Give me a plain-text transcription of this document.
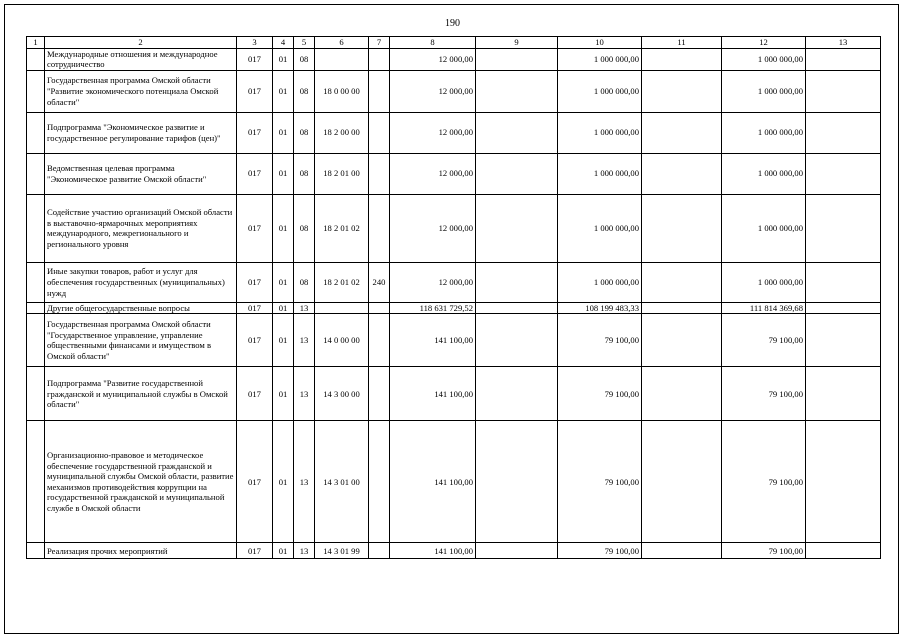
190
1	2	3	4	5	6	7	8	9	10	11	12	13
	Международные отношения и международное сотрудничество	017	01	08			12 000,00		1 000 000,00		1 000 000,00	
	Государственная программа Омской области "Развитие экономического потенциала Омской области"	017	01	08	18 0 00 00		12 000,00		1 000 000,00		1 000 000,00	
	Подпрограмма "Экономическое развитие и государственное регулирование тарифов (цен)"	017	01	08	18 2 00 00		12 000,00		1 000 000,00		1 000 000,00	
	Ведомственная целевая программа "Экономическое развитие Омской области"	017	01	08	18 2 01 00		12 000,00		1 000 000,00		1 000 000,00	
	Содействие участию организаций Омской области в выставочно-ярмарочных мероприятиях международного, межрегионального и регионального уровня	017	01	08	18 2 01 02		12 000,00		1 000 000,00		1 000 000,00	
	Иные закупки товаров, работ и услуг для обеспечения государственных (муниципальных) нужд	017	01	08	18 2 01 02	240	12 000,00		1 000 000,00		1 000 000,00	
	Другие общегосударственные вопросы	017	01	13			118 631 729,52		108 199 483,33		111 814 369,68	
	Государственная программа Омской области "Государственное управление, управление общественными финансами и имуществом в Омской области"	017	01	13	14 0 00 00		141 100,00		79 100,00		79 100,00	
	Подпрограмма "Развитие государственной гражданской и муниципальной службы в Омской области"	017	01	13	14 3 00 00		141 100,00		79 100,00		79 100,00	
	Организационно-правовое и методическое обеспечение государственной гражданской и муниципальной службы Омской области, развитие механизмов противодействия коррупции на государственной гражданской и муниципальной службе в Омской области	017	01	13	14 3 01 00		141 100,00		79 100,00		79 100,00	
	Реализация прочих мероприятий	017	01	13	14 3 01 99		141 100,00		79 100,00		79 100,00	
